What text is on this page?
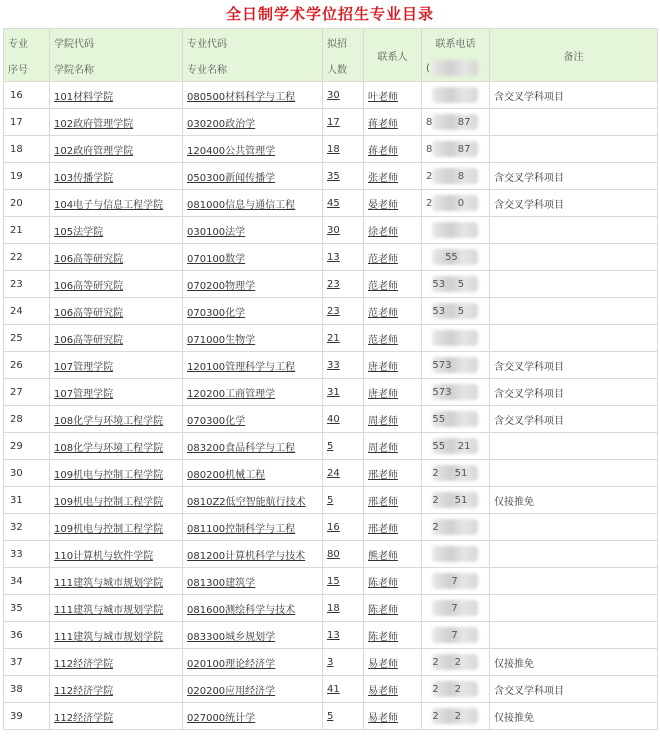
全日制学术学位招生专业目录
专业	学院代码	专业代码	拟招	联系人	联系电话	备注
序号	学院名称	专业名称	人数		(	
16	101材料学院	080500材料科学与工程	30	叶老师		含交叉学科项目
17	102政府管理学院	030200政治学	17	蒋老师	8        87	
18	102政府管理学院	120400公共管理学	18	蒋老师	8        87	
19	103传播学院	050300新闻传播学	35	张老师	2        8	含交叉学科项目
20	104电子与信息工程学院	081000信息与通信工程	45	晏老师	2        0	含交叉学科项目
21	105法学院	030100法学	30	徐老师	

22	106高等研究院	070100数学	13	范老师	55	
23	106高等研究院	070200物理学	23	范老师	53    5	
24	106高等研究院	070300化学	23	范老师	53    5	
25	106高等研究院	071000生物学	21	范老师	

26	107管理学院	120100管理科学与工程	33	唐老师	573	含交叉学科项目
27	107管理学院	120200工商管理学	31	唐老师	573	含交叉学科项目
28	108化学与环境工程学院	070300化学	40	周老师	55	含交叉学科项目
29	108化学与环境工程学院	083200食品科学与工程	5	周老师	55    21	
30	109机电与控制工程学院	080200机械工程	24	邢老师	2     51	
31	109机电与控制工程学院	0810Z2低空智能航行技术	5	邢老师	2     51	仅接推免
32	109机电与控制工程学院	081100控制科学与工程	16	邢老师	2	
33	110计算机与软件学院	081200计算机科学与技术	80	熊老师	

34	111建筑与城市规划学院	081300建筑学	15	陈老师	7	
35	111建筑与城市规划学院	081600测绘科学与技术	18	陈老师	7	
36	111建筑与城市规划学院	083300城乡规划学	13	陈老师	7	
37	112经济学院	020100理论经济学	3	易老师	2     2	仅接推免
38	112经济学院	020200应用经济学	41	易老师	2     2	含交叉学科项目
39	112经济学院	027000统计学	5	易老师	2     2	仅接推免
